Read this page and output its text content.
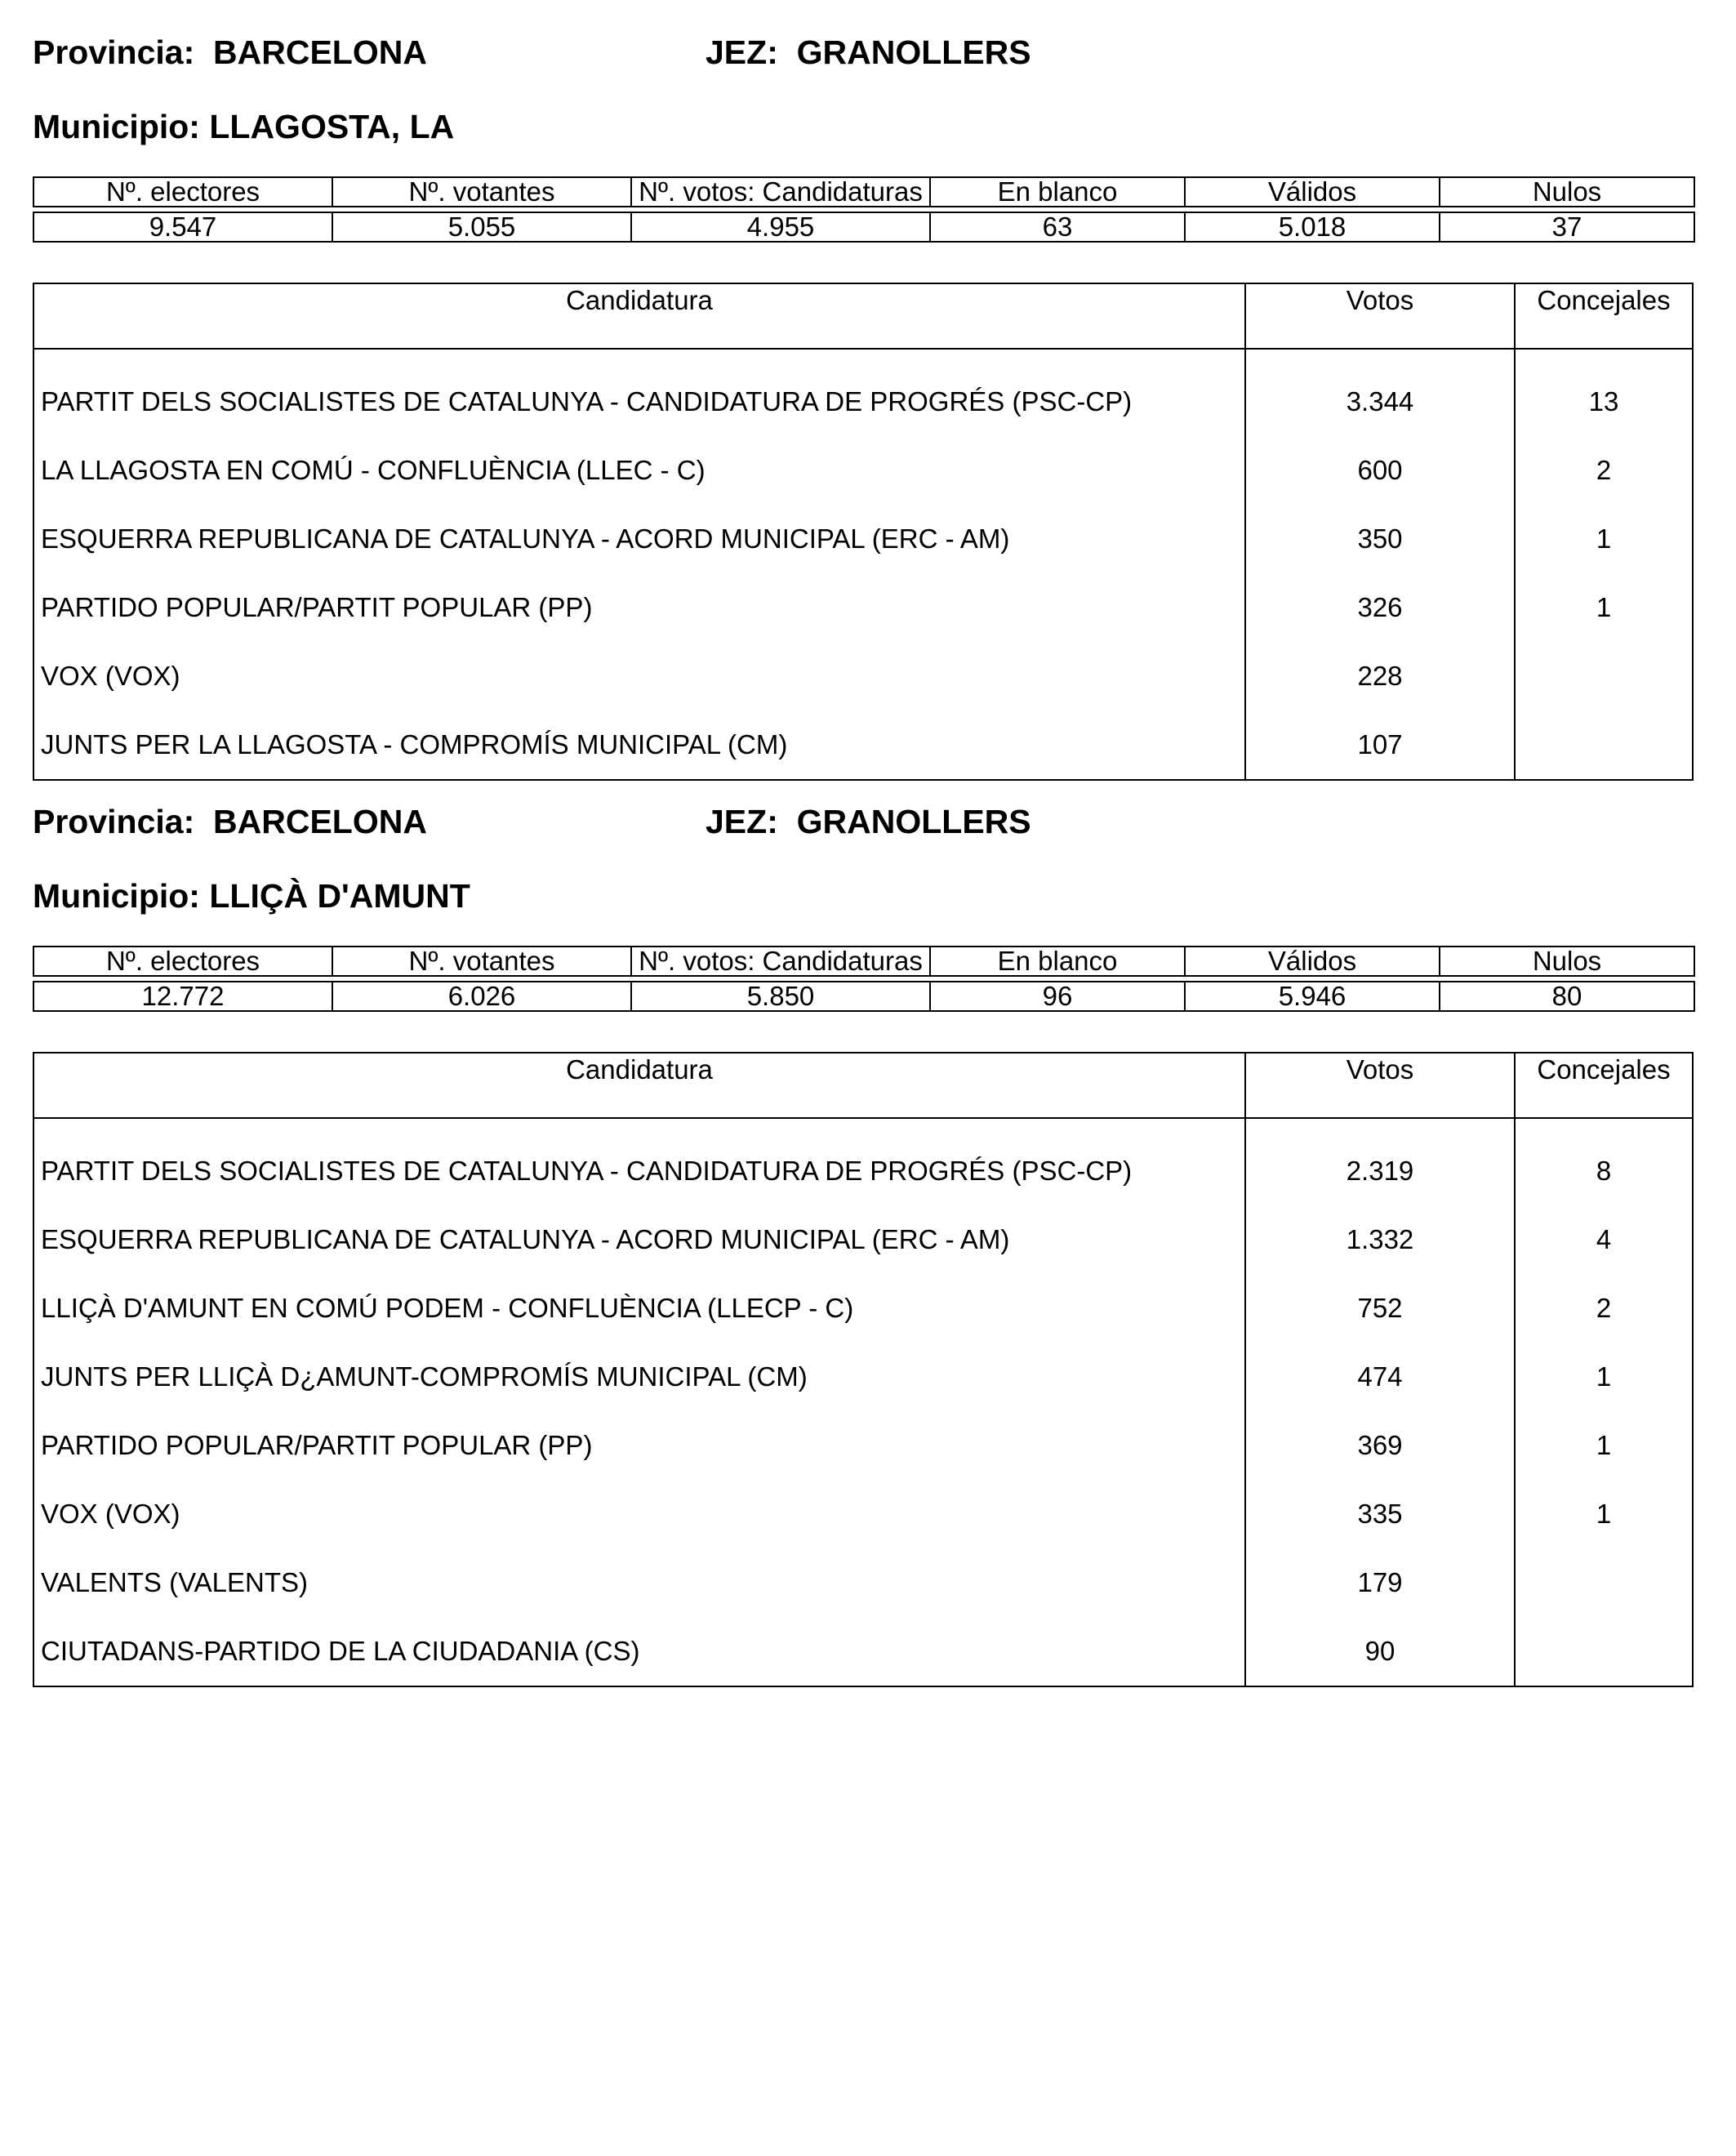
Provincia:  BARCELONA	JEZ:  GRANOLLERS
Municipio: LLAGOSTA, LA
Nº. electores	Nº. votantes	Nº. votos: Candidaturas	En blanco	Válidos	Nulos

9.547	5.055	4.955	63	5.018	37
Candidatura	Votos	Concejales
PARTIT DELS SOCIALISTES DE CATALUNYA - CANDIDATURA DE PROGRÉS (PSC-CP)	3.344	13
LA LLAGOSTA EN COMÚ - CONFLUÈNCIA (LLEC - C)	600	2
ESQUERRA REPUBLICANA DE CATALUNYA - ACORD MUNICIPAL (ERC - AM)	350	1
PARTIDO POPULAR/PARTIT POPULAR (PP)	326	1
VOX (VOX)	228
JUNTS PER LA LLAGOSTA - COMPROMÍS MUNICIPAL (CM)	107
Provincia:  BARCELONA	JEZ:  GRANOLLERS
Municipio: LLIÇÀ D'AMUNT
Nº. electores	Nº. votantes	Nº. votos: Candidaturas	En blanco	Válidos	Nulos

12.772	6.026	5.850	96	5.946	80
Candidatura	Votos	Concejales
PARTIT DELS SOCIALISTES DE CATALUNYA - CANDIDATURA DE PROGRÉS (PSC-CP)	2.319	8
ESQUERRA REPUBLICANA DE CATALUNYA - ACORD MUNICIPAL (ERC - AM)	1.332	4
LLIÇÀ D'AMUNT EN COMÚ PODEM - CONFLUÈNCIA (LLECP - C)	752	2
JUNTS PER LLIÇÀ D¿AMUNT-COMPROMÍS MUNICIPAL (CM)	474	1
PARTIDO POPULAR/PARTIT POPULAR (PP)	369	1
VOX (VOX)	335	1
VALENTS (VALENTS)	179
CIUTADANS-PARTIDO DE LA CIUDADANIA (CS)	90
